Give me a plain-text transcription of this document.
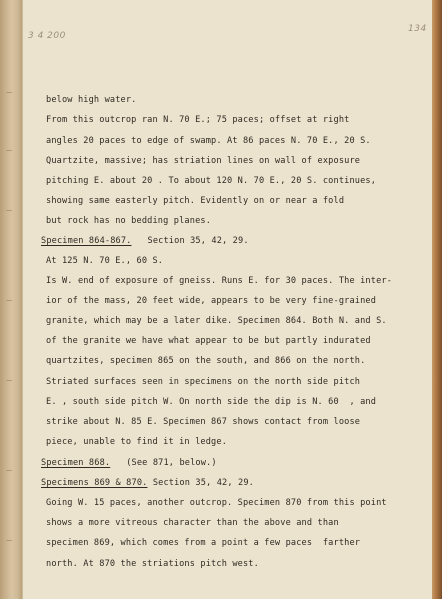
3 4 200
134
below high water.
From this outcrop ran N. 70 E.; 75 paces; offset at right
angles 20 paces to edge of swamp. At 86 paces N. 70 E., 20 S.
Quartzite, massive; has striation lines on wall of exposure
pitching E. about 20 . To about 120 N. 70 E., 20 S. continues,
showing same easterly pitch. Evidently on or near a fold
but rock has no bedding planes.
Specimen 864-867. Section 35, 42, 29.
At 125 N. 70 E., 60 S.
Is W. end of exposure of gneiss. Runs E. for 30 paces. The inter-
ior of the mass, 20 feet wide, appears to be very fine-grained
granite, which may be a later dike. Specimen 864. Both N. and S.
of the granite we have what appear to be but partly indurated
quartzites, specimen 865 on the south, and 866 on the north.
Striated surfaces seen in specimens on the north side pitch
E. , south side pitch W. On north side the dip is N. 60  , and
strike about N. 85 E. Specimen 867 shows contact from loose
piece, unable to find it in ledge.
Specimen 868. (See 871, below.)
Specimens 869 & 870. Section 35, 42, 29.
Going W. 15 paces, another outcrop. Specimen 870 from this point
shows a more vitreous character than the above and than
specimen 869, which comes from a point a few paces  farther
north. At 870 the striations pitch west.
